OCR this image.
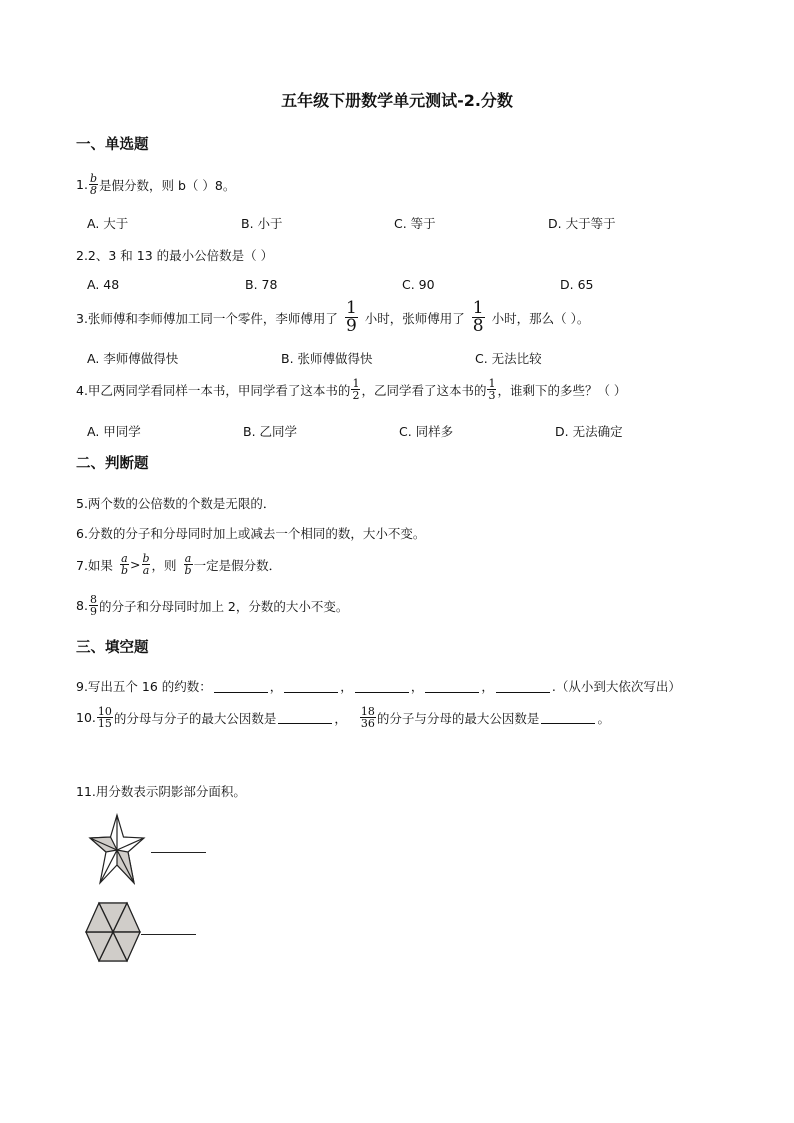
五年级下册数学单元测试-2.分数
一、单选题
1. $\frac{b}{8}$ 是假分数，则 b（ ）8。
A. 大于	B. 小于	C. 等于	D. 大于等于
2.2、3 和 13 的最小公倍数是（ ）
A. 48	B. 78	C. 90	D. 65
3.张师傅和李师傅加工同一个零件，李师傅用了 $\frac{1}{9}$ 小时，张师傅用了 $\frac{1}{8}$ 小时，那么（ ）。
A. 李师傅做得快	B. 张师傅做得快	C. 无法比较
4.甲乙两同学看同样一本书，甲同学看了这本书的 $\frac{1}{2}$ ，乙同学看了这本书的 $\frac{1}{3}$ ，谁剩下的多些？（ ）
A. 甲同学	B. 乙同学	C. 同样多	D. 无法确定
二、判断题
5.两个数的公倍数的个数是无限的．
6.分数的分子和分母同时加上或减去一个相同的数，大小不变。
7.如果 $\frac{a}{b} > \frac{b}{a}$ ，则 $\frac{a}{b}$ 一定是假分数．
8. $\frac{8}{9}$ 的分子和分母同时加上 2，分数的大小不变。
三、填空题
9.写出五个 16 的约数：	，	，	，	，	.（从小到大依次写出）
10. $\frac{10}{15}$ 的分母与分子的最大公因数是	， $\frac{18}{36}$ 的分子与分母的最大公因数是	。
11.用分数表示阴影部分面积。
